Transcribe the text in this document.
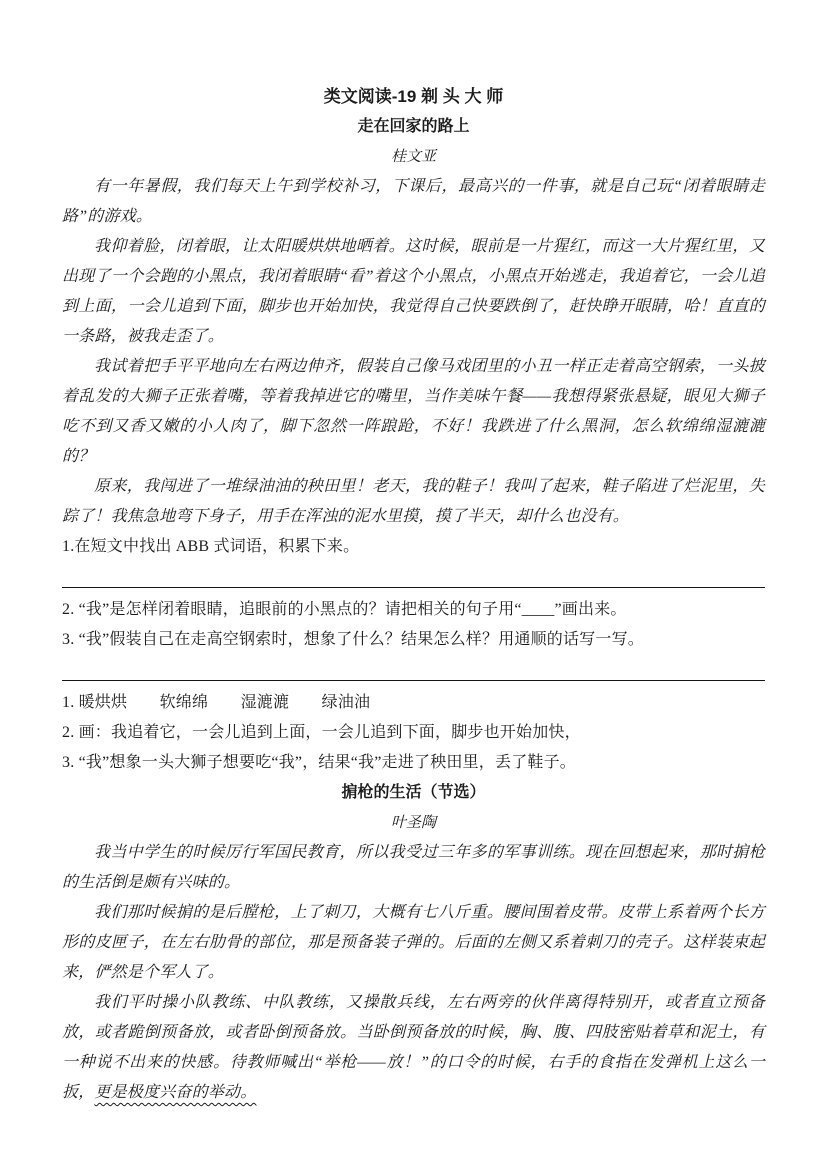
类文阅读-19 剃 头 大 师
走在回家的路上
桂文亚

有一年暑假，我们每天上午到学校补习，下课后，最高兴的一件事，就是自己玩“闭着眼睛走路”的游戏。

我仰着脸，闭着眼，让太阳暖烘烘地晒着。这时候，眼前是一片猩红，而这一大片猩红里，又出现了一个会跑的小黑点，我闭着眼睛“看”着这个小黑点，小黑点开始逃走，我追着它，一会儿追到上面，一会儿追到下面，脚步也开始加快，我觉得自己快要跌倒了，赶快睁开眼睛，哈！直直的一条路，被我走歪了。

我试着把手平平地向左右两边伸齐，假装自己像马戏团里的小丑一样正走着高空钢索，一头披着乱发的大狮子正张着嘴，等着我掉进它的嘴里，当作美味午餐——我想得紧张悬疑，眼见大狮子吃不到又香又嫩的小人肉了，脚下忽然一阵踉跄，不好！我跌进了什么黑洞，怎么软绵绵湿漉漉的？

原来，我闯进了一堆绿油油的秧田里！老天，我的鞋子！我叫了起来，鞋子陷进了烂泥里，失踪了！我焦急地弯下身子，用手在浑浊的泥水里摸，摸了半天，却什么也没有。

1.在短文中找出 ABB 式词语，积累下来。

2. “我”是怎样闭着眼睛，追眼前的小黑点的？请把相关的句子用“____”画出来。

3. “我”假装自己在走高空钢索时，想象了什么？结果怎么样？用通顺的话写一写。

1. 暖烘烘　　软绵绵　　湿漉漉　　绿油油

2. 画：我追着它，一会儿追到上面，一会儿追到下面，脚步也开始加快，

3. “我”想象一头大狮子想要吃“我”，结果“我”走进了秧田里，丢了鞋子。

掮枪的生活（节选）
叶圣陶

我当中学生的时候厉行军国民教育，所以我受过三年多的军事训练。现在回想起来，那时掮枪的生活倒是颇有兴味的。

我们那时候掮的是后膛枪，上了刺刀，大概有七八斤重。腰间围着皮带。皮带上系着两个长方形的皮匣子，在左右肋骨的部位，那是预备装子弹的。后面的左侧又系着刺刀的壳子。这样装束起来，俨然是个军人了。

我们平时操小队教练、中队教练，又操散兵线，左右两旁的伙伴离得特别开，或者直立预备放，或者跪倒预备放，或者卧倒预备放。当卧倒预备放的时候，胸、腹、四肢密贴着草和泥土，有一种说不出来的快感。待教师喊出“举枪——放！”的口令的时候，右手的食指在发弹机上这么一扳，更是极度兴奋的举动。
